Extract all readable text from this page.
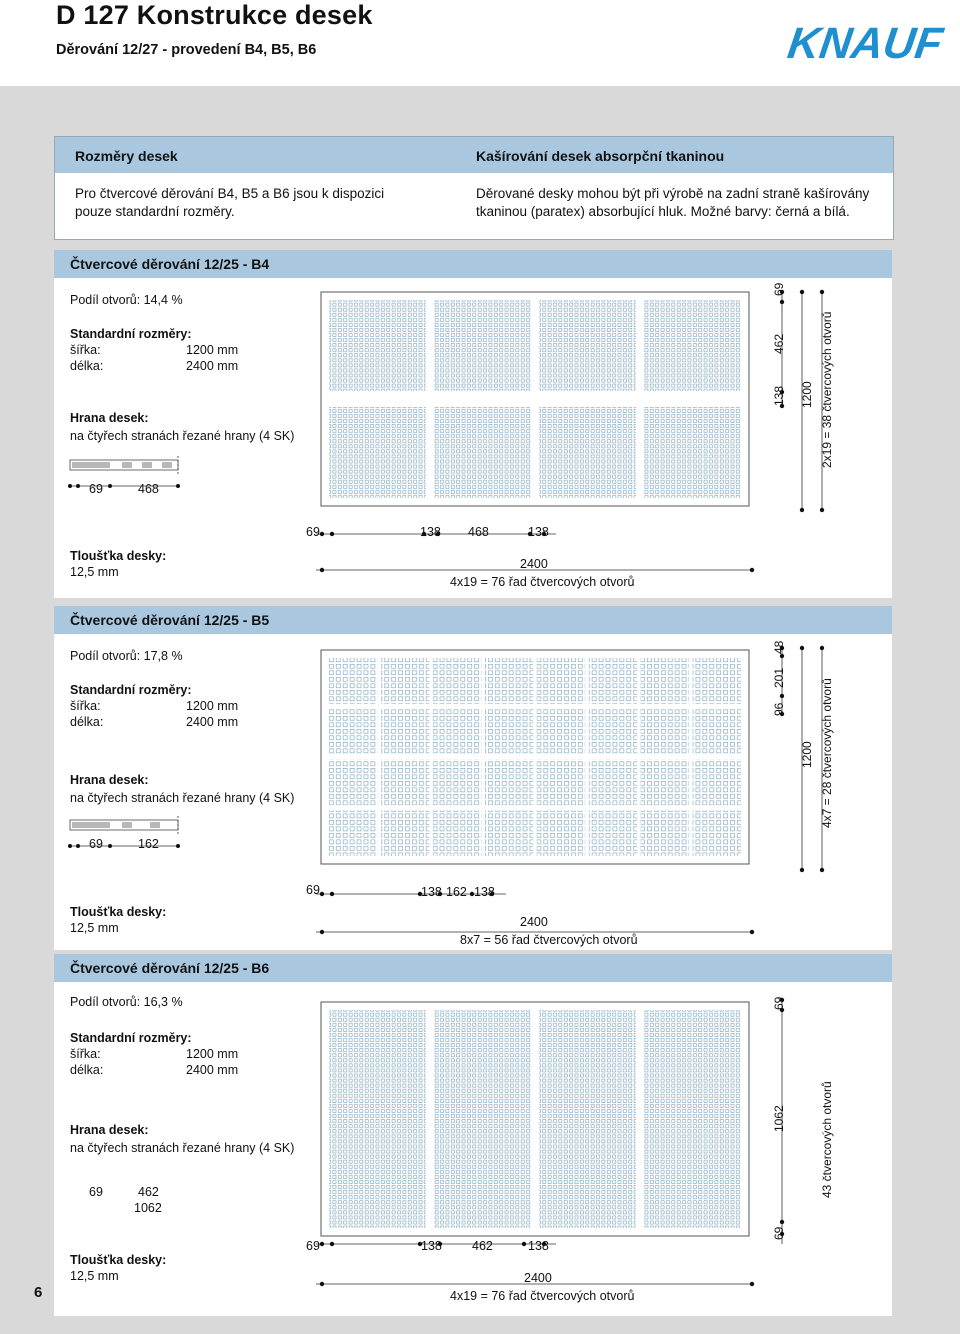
D 127 Konstrukce desek
Děrování 12/27 - provedení B4, B5, B6	KNAUF
Rozměry desek	Kašírování desek absorpční tkaninou
Pro čtvercové děrování B4, B5 a B6 jsou k dispozici pouze standardní rozměry.
Děrované desky mohou být při výrobě na zadní straně kašírovány tkaninou (paratex) absorbující hluk. Možné barvy: černá a bílá.
Čtvercové děrování 12/25 - B4
Podíl otvorů: 14,4 %
Standardní rozměry:
šířka:	1200 mm
délka:	2400 mm
Hrana desek:
na čtyřech stranách řezané hrany (4 SK)
69	468
Tloušťka desky:
12,5 mm
69
462
138 1200 2x19 = 38 čtvercových otvorů
69	138 468	138
2400
4x19 = 76 řad čtvercových otvorů
Čtvercové děrování 12/25 - B5
Podíl otvorů: 17,8 %
Standardní rozměry:
šířka:	1200 mm
délka:	2400 mm
Hrana desek:
na čtyřech stranách řezané hrany (4 SK)
69	162
Tloušťka desky:
12,5 mm
48
201
96
1200 4x7 = 28 čtvercových otvorů
69	138 162 138
2400
8x7 = 56 řad čtvercových otvorů
Čtvercové děrování 12/25 - B6
Podíl otvorů: 16,3 %
Standardní rozměry:
šířka:	1200 mm
délka:	2400 mm
Hrana desek:
na čtyřech stranách řezané hrany (4 SK)
69	462
1062
Tloušťka desky:
12,5 mm
69
1062
69
43 čtvercových otvorů
69	138 462	138
2400
4x19 = 76 řad čtvercových otvorů
6
